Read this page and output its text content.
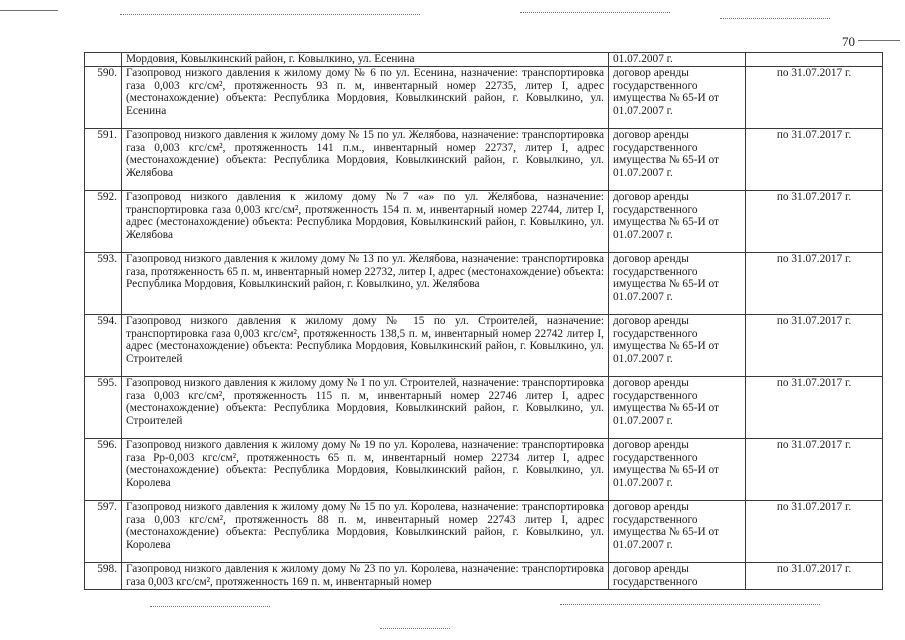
70
	Мордовия, Ковылкинский район, г. Ковылкино, ул. Есенина	01.07.2007 г.	
590.	Газопровод низкого давления к жилому дому № 6 по ул. Есенина, назначение: транспортировка газа 0,003 кгс/см², протяженность 93 п. м, инвентарный номер 22735, литер I, адрес (местонахождение) объекта: Республика Мордовия, Ковылкинский район, г. Ковылкино, ул. Есенина	договор аренды государственного имущества № 65-И от 01.07.2007 г.	по 31.07.2017 г.
591.	Газопровод низкого давления к жилому дому № 15 по ул. Желябова, назначение: транспортировка газа 0,003 кгс/см², протяженность 141 п.м., инвентарный номер 22737, литер I, адрес (местонахождение) объекта: Республика Мордовия, Ковылкинский район, г. Ковылкино, ул. Желябова	договор аренды государственного имущества № 65-И от 01.07.2007 г.	по 31.07.2017 г.
592.	Газопровод низкого давления к жилому дому №7 «а» по ул. Желябова, назначение: транспортировка газа 0,003 кгс/см², протяженность 154 п. м, инвентарный номер 22744, литер I, адрес (местонахождение) объекта: Республика Мордовия, Ковылкинский район, г. Ковылкино, ул. Желябова	договор аренды государственного имущества № 65-И от 01.07.2007 г.	по 31.07.2017 г.
593.	Газопровод низкого давления к жилому дому № 13 по ул. Желябова, назначение: транспортировка газа, протяженность 65 п. м, инвентарный номер 22732, литер I, адрес (местонахождение) объекта: Республика Мордовия, Ковылкинский район, г. Ковылкино, ул. Желябова	договор аренды государственного имущества № 65-И от 01.07.2007 г.	по 31.07.2017 г.
594.	Газопровод низкого давления к жилому дому № 15 по ул. Строителей, назначение: транспортировка газа 0,003 кгс/см², протяженность 138,5 п. м, инвентарный номер 22742 литер I, адрес (местонахождение) объекта: Республика Мордовия, Ковылкинский район, г. Ковылкино, ул. Строителей	договор аренды государственного имущества № 65-И от 01.07.2007 г.	по 31.07.2017 г.
595.	Газопровод низкого давления к жилому дому № 1 по ул. Строителей, назначение: транспортировка газа 0,003 кгс/см², протяженность 115 п. м, инвентарный номер 22746 литер I, адрес (местонахождение) объекта: Республика Мордовия, Ковылкинский район, г. Ковылкино, ул. Строителей	договор аренды государственного имущества № 65-И от 01.07.2007 г.	по 31.07.2017 г.
596.	Газопровод низкого давления к жилому дому № 19 по ул. Королева, назначение: транспортировка газа Рр-0,003 кгс/см², протяженность 65 п. м, инвентарный номер 22734 литер I, адрес (местонахождение) объекта: Республика Мордовия, Ковылкинский район, г. Ковылкино, ул. Королева	договор аренды государственного имущества № 65-И от 01.07.2007 г.	по 31.07.2017 г.
597.	Газопровод низкого давления к жилому дому № 15 по ул. Королева, назначение: транспортировка газа 0,003 кгс/см², протяженность 88 п. м, инвентарный номер 22743 литер I, адрес (местонахождение) объекта: Республика Мордовия, Ковылкинский район, г. Ковылкино, ул. Королева	договор аренды государственного имущества № 65-И от 01.07.2007 г.	по 31.07.2017 г.
598.	Газопровод низкого давления к жилому дому № 23 по ул. Королева, назначение: транспортировка газа 0,003 кгс/см², протяженность 169 п. м, инвентарный номер	договор аренды государственного	по 31.07.2017 г.
